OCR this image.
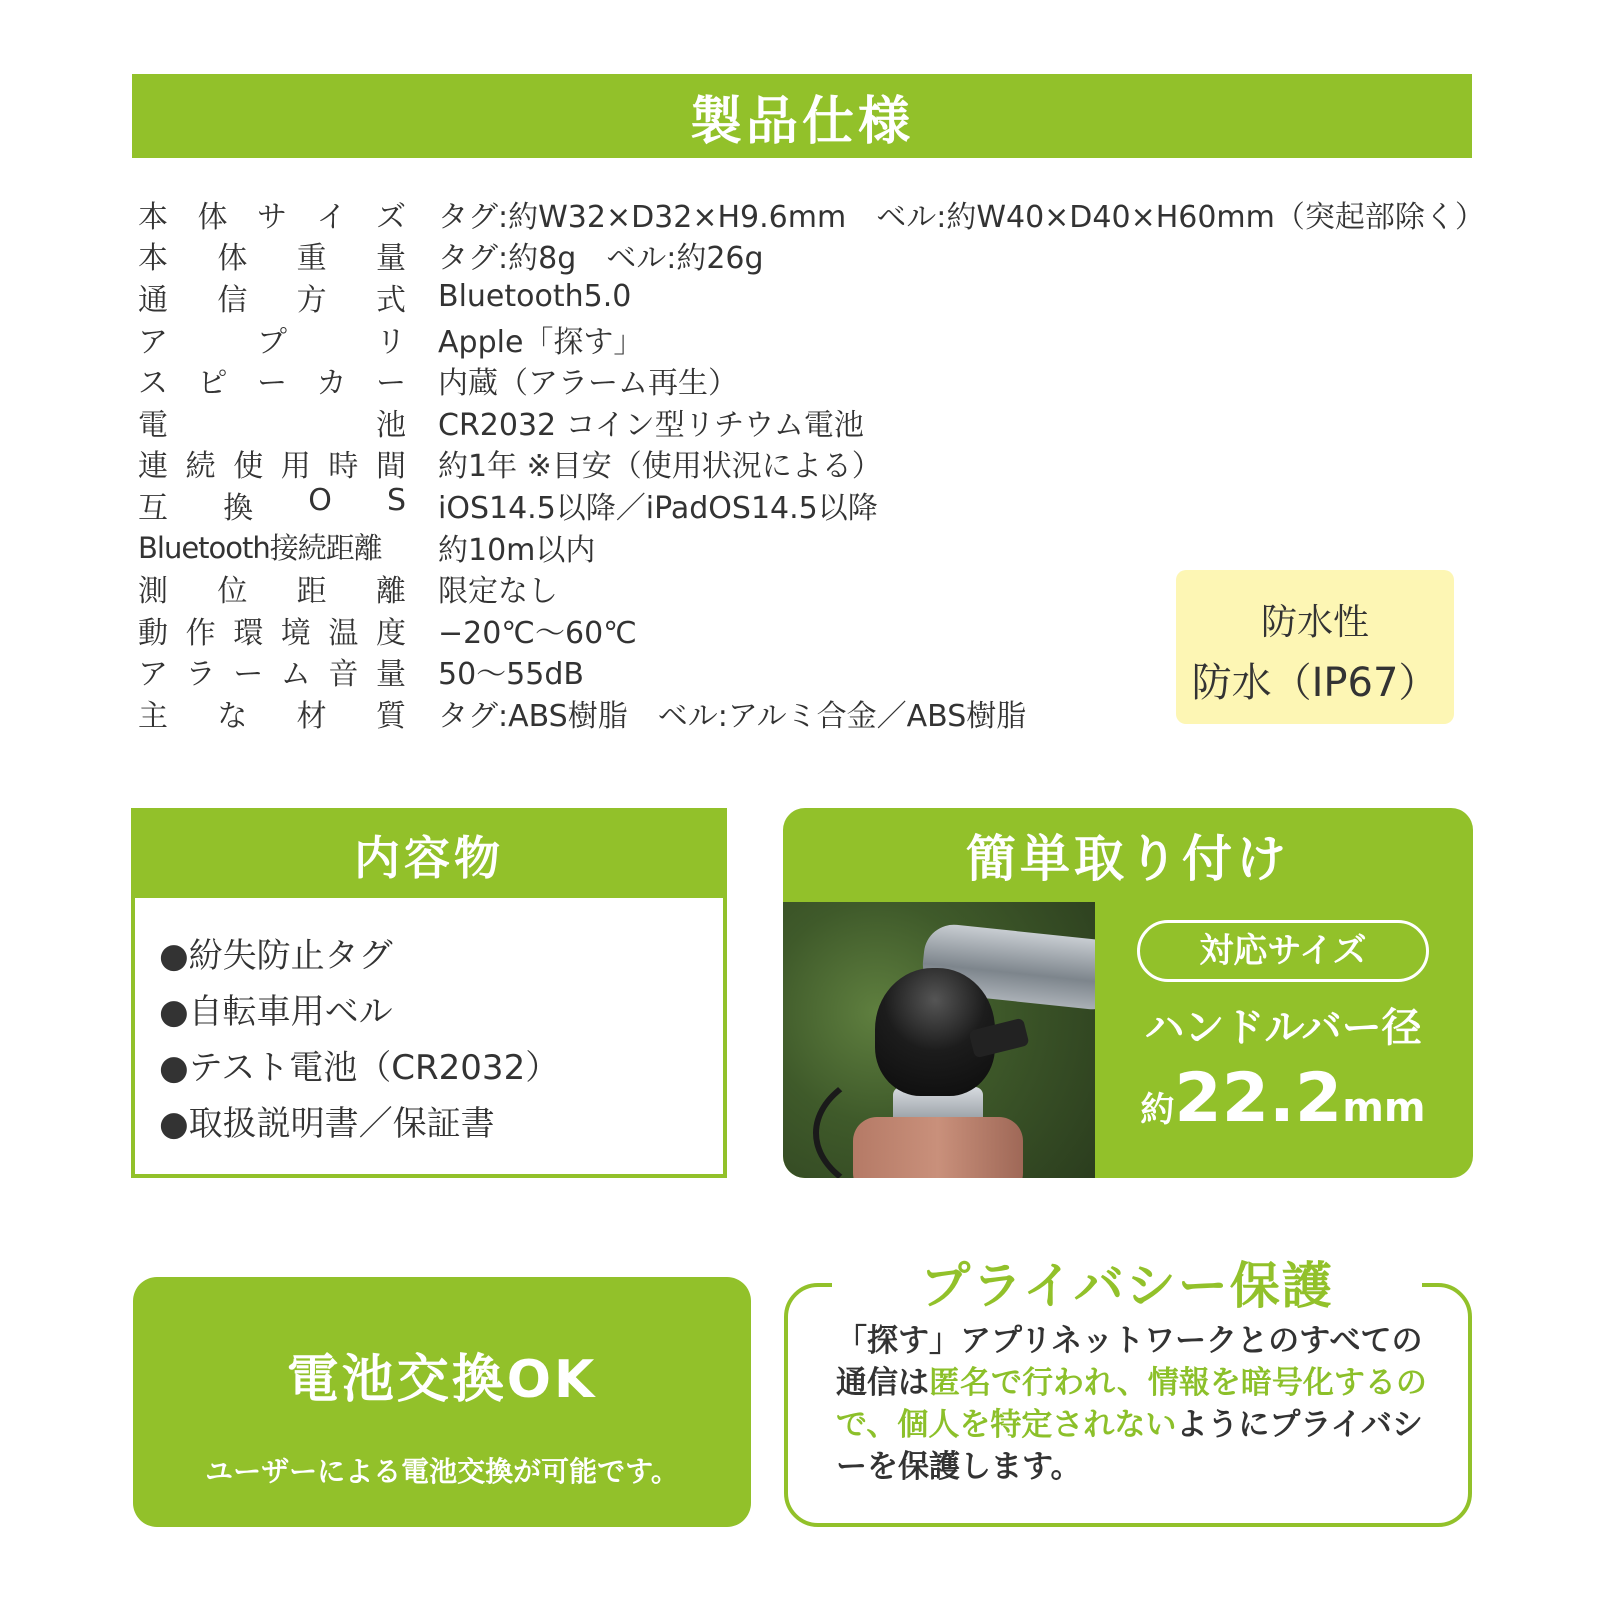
製品仕様
本 体 サ イ ズ タグ:約W32×D32×H9.6mm　ベル:約W40×D40×H60mm（突起部除く）
本 体 重 量 タグ:約8g　ベル:約26g
通 信 方 式 Bluetooth5.0
ア	プ	リ Apple「探す」
ス ピ ー カ ー 内蔵（アラーム再生）
電	池 CR2032 コイン型リチウム電池
連 続 使 用 時 間 約1年 ※目安（使用状況による）
互 換 O S iOS14.5以降／iPadOS14.5以降
Bluetooth接続距離	約10m以内
測 位 距 離 限定なし
動 作 環 境 温 度 −20℃〜60℃
ア ラ ー ム 音 量 50〜55dB
主 な 材 質 タグ:ABS樹脂　ベル:アルミ合金／ABS樹脂
防水性
防水（IP67）
内容物
●紛失防止タグ
●自転車用ベル
●テスト電池（CR2032）
●取扱説明書／保証書
簡単取り付け
対応サイズ
ハンドルバー径
約22.2mm
電池交換OK
ユーザーによる電池交換が可能です。
プライバシー保護
「探す」アプリネットワークとのすべての通信は匿名で行われ、情報を暗号化するので、個人を特定されないようにプライバシーを保護します。
